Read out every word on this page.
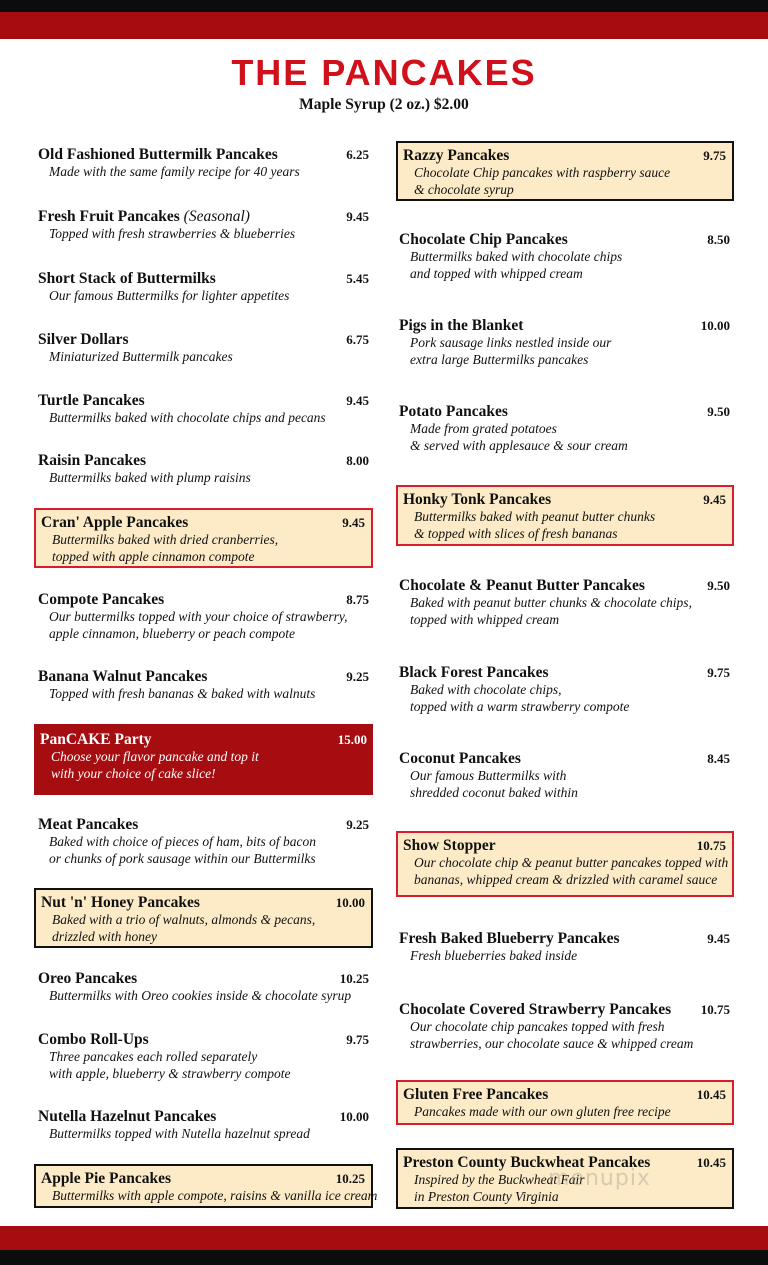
THE PANCAKES
Maple Syrup (2 oz.) $2.00
Old Fashioned Buttermilk Pancakes	6.25
Made with the same family recipe for 40 years
Fresh Fruit Pancakes (Seasonal)	9.45
Topped with fresh strawberries & blueberries
Short Stack of Buttermilks	5.45
Our famous Buttermilks for lighter appetites
Silver Dollars	6.75
Miniaturized Buttermilk pancakes
Turtle Pancakes	9.45
Buttermilks baked with chocolate chips and pecans
Raisin Pancakes	8.00
Buttermilks baked with plump raisins
Cran' Apple Pancakes	9.45
Buttermilks baked with dried cranberries,
topped with apple cinnamon compote
Compote Pancakes	8.75
Our buttermilks topped with your choice of strawberry,
apple cinnamon, blueberry or peach compote
Banana Walnut Pancakes	9.25
Topped with fresh bananas & baked with walnuts
PanCAKE Party	15.00
Choose your flavor pancake and top it
with your choice of cake slice!
Meat Pancakes	9.25
Baked with choice of pieces of ham, bits of bacon
or chunks of pork sausage within our Buttermilks
Nut 'n' Honey Pancakes	10.00
Baked with a trio of walnuts, almonds & pecans,
drizzled with honey
Oreo Pancakes	10.25
Buttermilks with Oreo cookies inside & chocolate syrup
Combo Roll-Ups	9.75
Three pancakes each rolled separately
with apple, blueberry & strawberry compote
Nutella Hazelnut Pancakes	10.00
Buttermilks topped with Nutella hazelnut spread
Apple Pie Pancakes	10.25
Buttermilks with apple compote, raisins & vanilla ice cream
Razzy Pancakes	9.75
Chocolate Chip pancakes with raspberry sauce
& chocolate syrup
Chocolate Chip Pancakes	8.50
Buttermilks baked with chocolate chips
and topped with whipped cream
Pigs in the Blanket	10.00
Pork sausage links nestled inside our
extra large Buttermilks pancakes
Potato Pancakes	9.50
Made from grated potatoes
& served with applesauce & sour cream
Honky Tonk Pancakes	9.45
Buttermilks baked with peanut butter chunks
& topped with slices of fresh bananas
Chocolate & Peanut Butter Pancakes	9.50
Baked with peanut butter chunks & chocolate chips,
topped with whipped cream
Black Forest Pancakes	9.75
Baked with chocolate chips,
topped with a warm strawberry compote
Coconut Pancakes	8.45
Our famous Buttermilks with
shredded coconut baked within
Show Stopper	10.75
Our chocolate chip & peanut butter pancakes topped with
bananas, whipped cream & drizzled with caramel sauce
Fresh Baked Blueberry Pancakes	9.45
Fresh blueberries baked inside
Chocolate Covered Strawberry Pancakes 10.75
Our chocolate chip pancakes topped with fresh
strawberries, our chocolate sauce & whipped cream
Gluten Free Pancakes	10.45
Pancakes made with our own gluten free recipe
Preston County Buckwheat Pancakes	10.45
Inspired by the Buckwheat Fair
in Preston County Virginia
menupix
